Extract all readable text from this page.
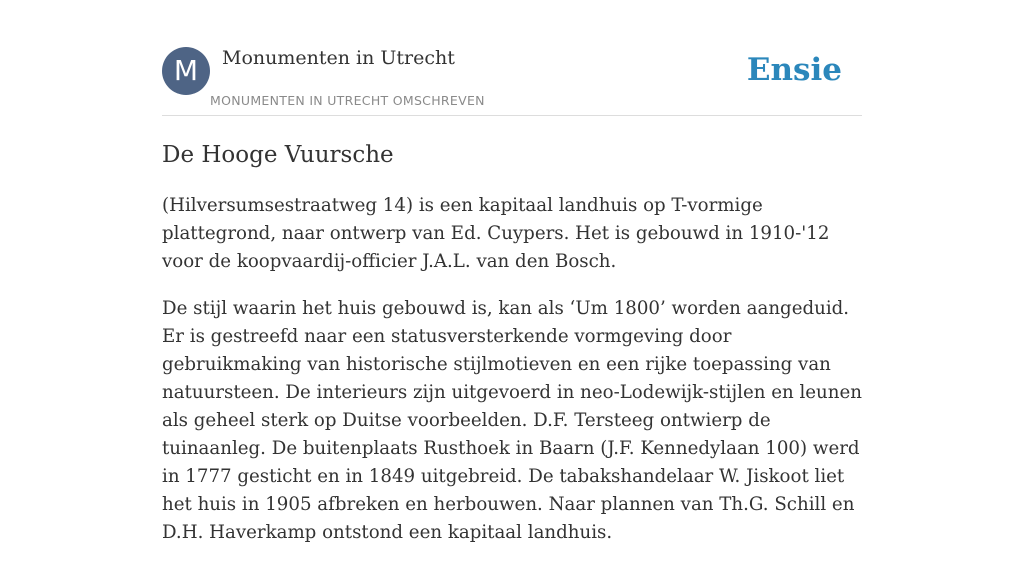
M	Monumenten in Utrecht
MONUMENTEN IN UTRECHT OMSCHREVEN
Ensie
De Hooge Vuursche

(Hilversumsestraatweg 14) is een kapitaal landhuis op T-vormige plattegrond, naar ontwerp van Ed. Cuypers. Het is gebouwd in 1910-'12 voor de koopvaardij-officier J.A.L. van den Bosch.

De stijl waarin het huis gebouwd is, kan als ‘Um 1800’ worden aangeduid. Er is gestreefd naar een statusversterkende vormgeving door gebruikmaking van historische stijlmotieven en een rijke toepassing van natuursteen. De interieurs zijn uitgevoerd in neo-Lodewijk-stijlen en leunen als geheel sterk op Duitse voorbeelden. D.F. Tersteeg ontwierp de tuinaanleg. De buitenplaats Rusthoek in Baarn (J.F. Kennedylaan 100) werd in 1777 gesticht en in 1849 uitgebreid. De tabakshandelaar W. Jiskoot liet het huis in 1905 afbreken en herbouwen. Naar plannen van Th.G. Schill en D.H. Haverkamp ontstond een kapitaal landhuis.
